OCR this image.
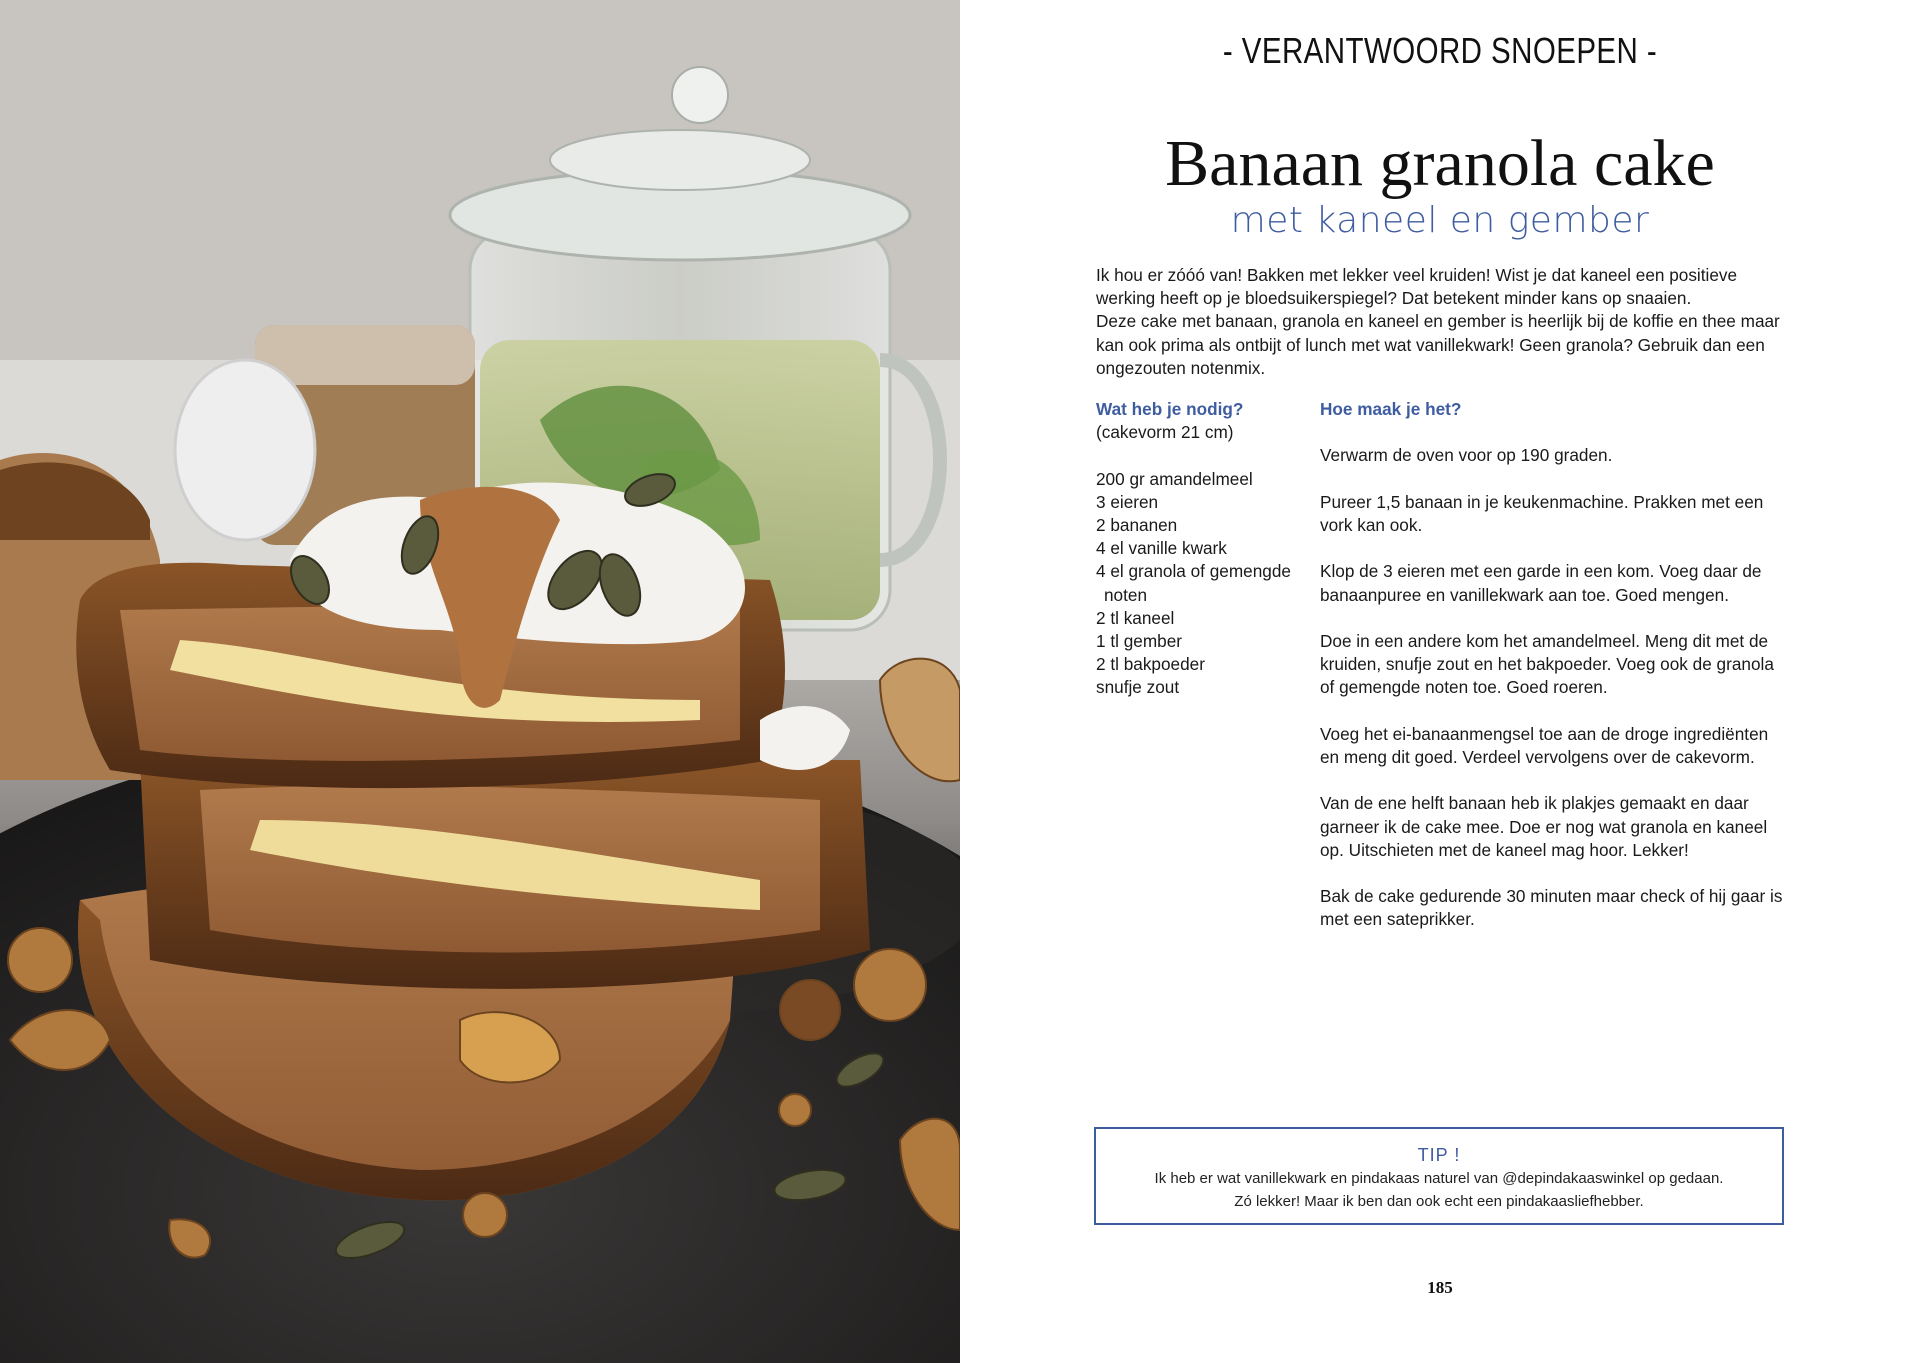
- VERANTWOORD SNOEPEN -
Banaan granola cake
met kaneel en gember

Ik hou er zóóó van! Bakken met lekker veel kruiden! Wist je dat kaneel een positieve werking heeft op je bloedsuikerspiegel? Dat betekent minder kans op snaaien.

Deze cake met banaan, granola en kaneel en gember is heerlijk bij de koffie en thee maar kan ook prima als ontbijt of lunch met wat vanillekwark! Geen granola? Gebruik dan een ongezouten notenmix.

Wat heb je nodig?
(cakevorm 21 cm)
200 gr amandelmeel
3 eieren
2 bananen
4 el vanille kwark
4 el granola of gemengde
noten
2 tl kaneel
1 tl gember
2 tl bakpoeder
snufje zout
Hoe maak je het?
Verwarm de oven voor op 190 graden.
Pureer 1,5 banaan in je keukenmachine. Prakken met een vork kan ook.
Klop de 3 eieren met een garde in een kom. Voeg daar de banaanpuree en vanillekwark aan toe. Goed mengen.
Doe in een andere kom het amandelmeel. Meng dit met de kruiden, snufje zout en het bakpoeder. Voeg ook de granola of gemengde noten toe. Goed roeren.
Voeg het ei-banaanmengsel toe aan de droge ingrediënten en meng dit goed. Verdeel vervolgens over de cakevorm.
Van de ene helft banaan heb ik plakjes gemaakt en daar garneer ik de cake mee. Doe er nog wat granola en kaneel op. Uitschieten met de kaneel mag hoor. Lekker!
Bak de cake gedurende 30 minuten maar check of hij gaar is met een sateprikker.
TIP !
Ik heb er wat vanillekwark en pindakaas naturel van @depindakaaswinkel op gedaan.
Zó lekker! Maar ik ben dan ook echt een pindakaasliefhebber.
185
